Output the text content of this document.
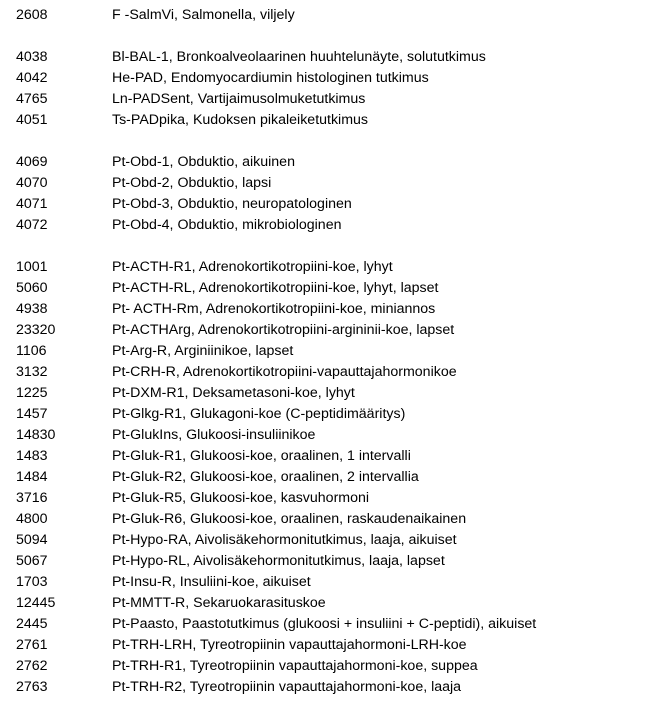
2608	F -SalmVi, Salmonella, viljely
4038	Bl-BAL-1, Bronkoalveolaarinen huuhtelunäyte, solututkimus
4042	He-PAD, Endomyocardiumin histologinen tutkimus
4765	Ln-PADSent, Vartijaimusolmuketutkimus
4051	Ts-PADpika, Kudoksen pikaleiketutkimus
4069	Pt-Obd-1, Obduktio, aikuinen
4070	Pt-Obd-2, Obduktio, lapsi
4071	Pt-Obd-3, Obduktio, neuropatologinen
4072	Pt-Obd-4, Obduktio, mikrobiologinen
1001	Pt-ACTH-R1, Adrenokortikotropiini-koe, lyhyt
5060	Pt-ACTH-RL, Adrenokortikotropiini-koe, lyhyt, lapset
4938	Pt- ACTH-Rm, Adrenokortikotropiini-koe, miniannos
23320	Pt-ACTHArg, Adrenokortikotropiini-argininii-koe, lapset
1106	Pt-Arg-R, Arginiinikoe, lapset
3132	Pt-CRH-R, Adrenokortikotropiini-vapauttajahormonikoe
1225	Pt-DXM-R1, Deksametasoni-koe, lyhyt
1457	Pt-Glkg-R1, Glukagoni-koe (C-peptidimääritys)
14830	Pt-GlukIns, Glukoosi-insuliinikoe
1483	Pt-Gluk-R1, Glukoosi-koe, oraalinen, 1 intervalli
1484	Pt-Gluk-R2, Glukoosi-koe, oraalinen, 2 intervallia
3716	Pt-Gluk-R5, Glukoosi-koe, kasvuhormoni
4800	Pt-Gluk-R6, Glukoosi-koe, oraalinen, raskaudenaikainen
5094	Pt-Hypo-RA, Aivolisäkehormonitutkimus, laaja, aikuiset
5067	Pt-Hypo-RL, Aivolisäkehormonitutkimus, laaja, lapset
1703	Pt-Insu-R, Insuliini-koe, aikuiset
12445	Pt-MMTT-R, Sekaruokarasituskoe
2445	Pt-Paasto, Paastotutkimus (glukoosi + insuliini + C-peptidi), aikuiset
2761	Pt-TRH-LRH, Tyreotropiinin vapauttajahormoni-LRH-koe
2762	Pt-TRH-R1, Tyreotropiinin vapauttajahormoni-koe, suppea
2763	Pt-TRH-R2, Tyreotropiinin vapauttajahormoni-koe, laaja
